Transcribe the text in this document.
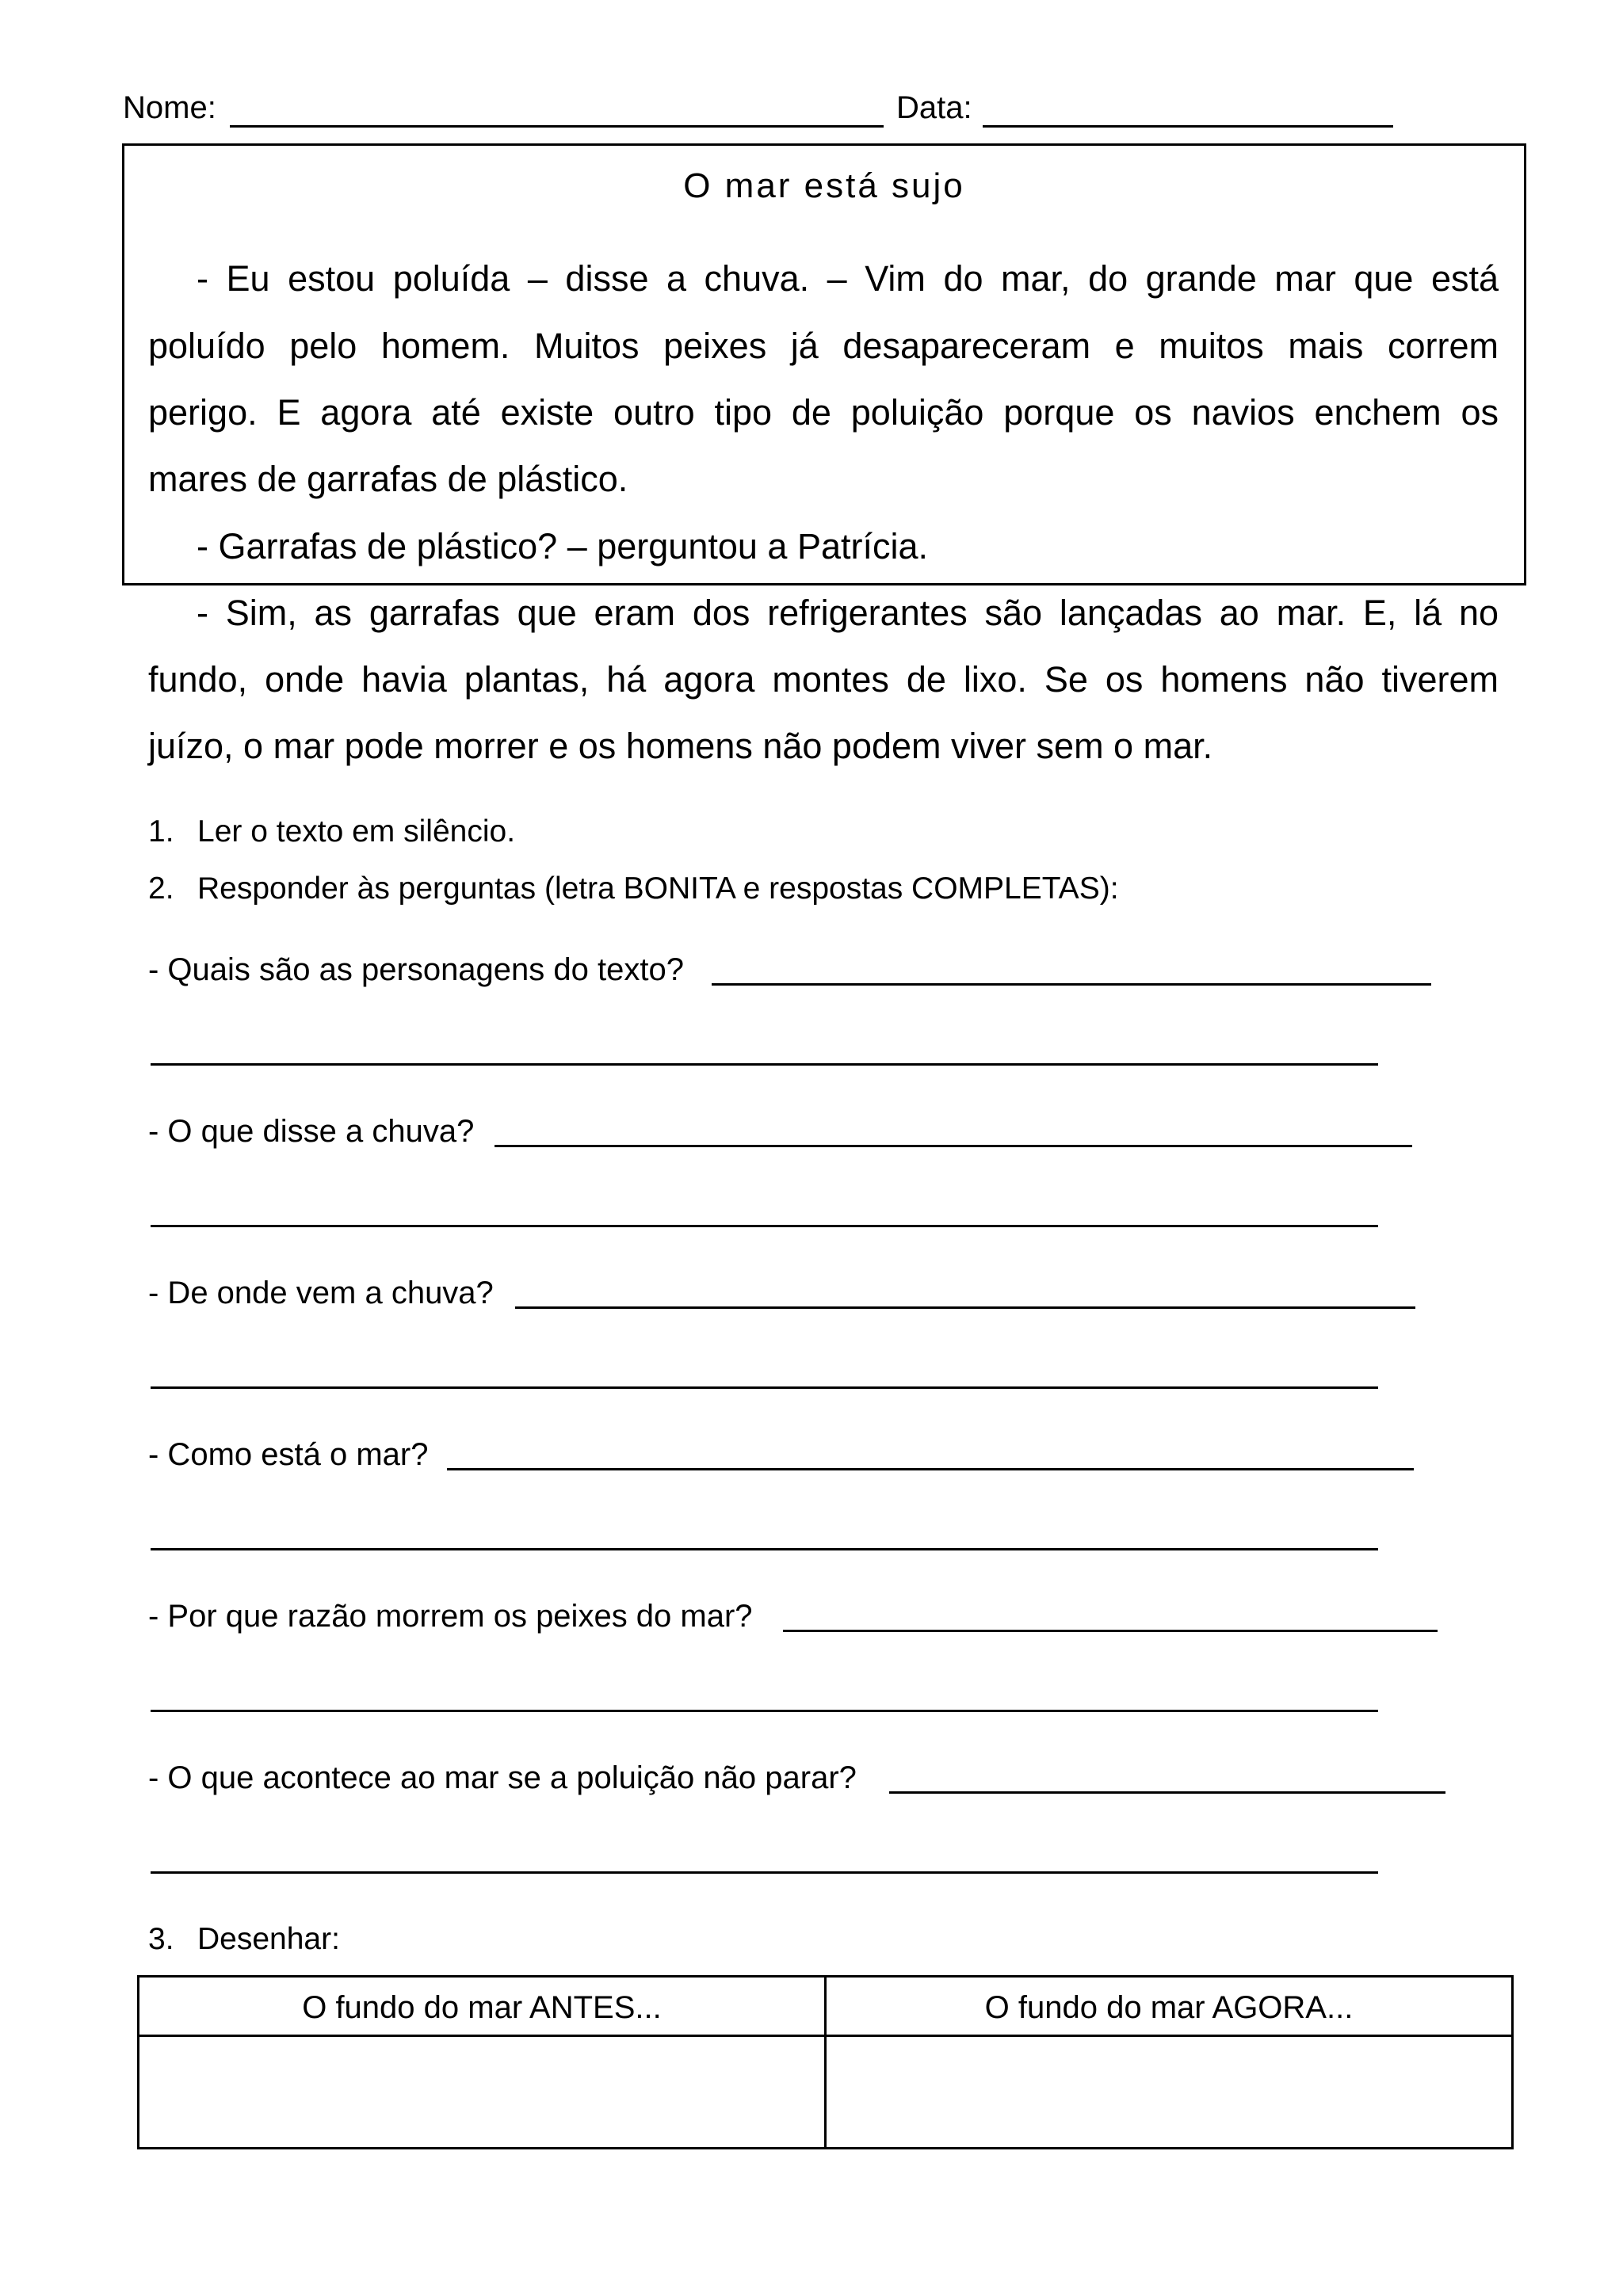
Nome:	Data:
O mar está sujo
- Eu estou poluída – disse a chuva. – Vim do mar, do grande mar que está
poluído pelo homem. Muitos peixes já desapareceram e muitos mais correm
perigo. E agora até existe outro tipo de poluição porque os navios enchem os
mares de garrafas de plástico.
- Garrafas de plástico? – perguntou a Patrícia.
- Sim, as garrafas que eram dos refrigerantes são lançadas ao mar. E, lá no
fundo, onde havia plantas, há agora montes de lixo. Se os homens não tiverem
juízo, o mar pode morrer e os homens não podem viver sem o mar.
1. Ler o texto em silêncio.
2. Responder às perguntas (letra BONITA e respostas COMPLETAS):
- Quais são as personagens do texto?
- O que disse a chuva?
- De onde vem a chuva?
- Como está o mar?
- Por que razão morrem os peixes do mar?
- O que acontece ao mar se a poluição não parar?
3. Desenhar:
O fundo do mar ANTES...	O fundo do mar AGORA...
